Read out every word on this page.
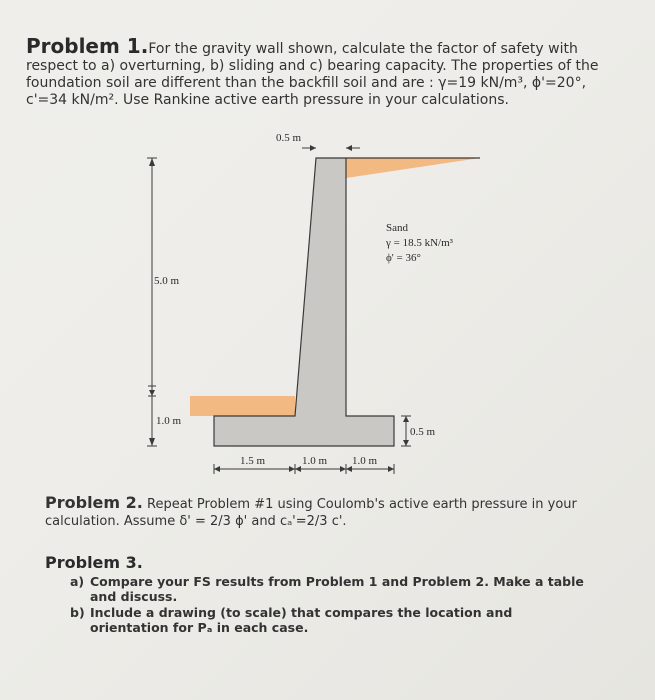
Problem 1.For the gravity wall shown, calculate the factor of safety with respect to a) overturning, b) sliding and c) bearing capacity. The properties of the foundation soil are different than the backfill soil and are : γ=19 kN/m³, ϕ'=20°, c'=34 kN/m². Use Rankine active earth pressure in your calculations.
5.0 m
1.0 m
0.5 m
Sand
γ = 18.5 kN/m³
ϕ' = 36°
0.5 m
1.5 m	1.0 m 1.0 m
Problem 2. Repeat Problem #1 using Coulomb's active earth pressure in your calculation. Assume δ' = 2/3 ϕ' and cₐ'=2/3 c'.
Problem 3.
a) Compare your FS results from Problem 1 and Problem 2. Make a table and discuss.
b) Include a drawing (to scale) that compares the location and orientation for Pₐ in each case.
